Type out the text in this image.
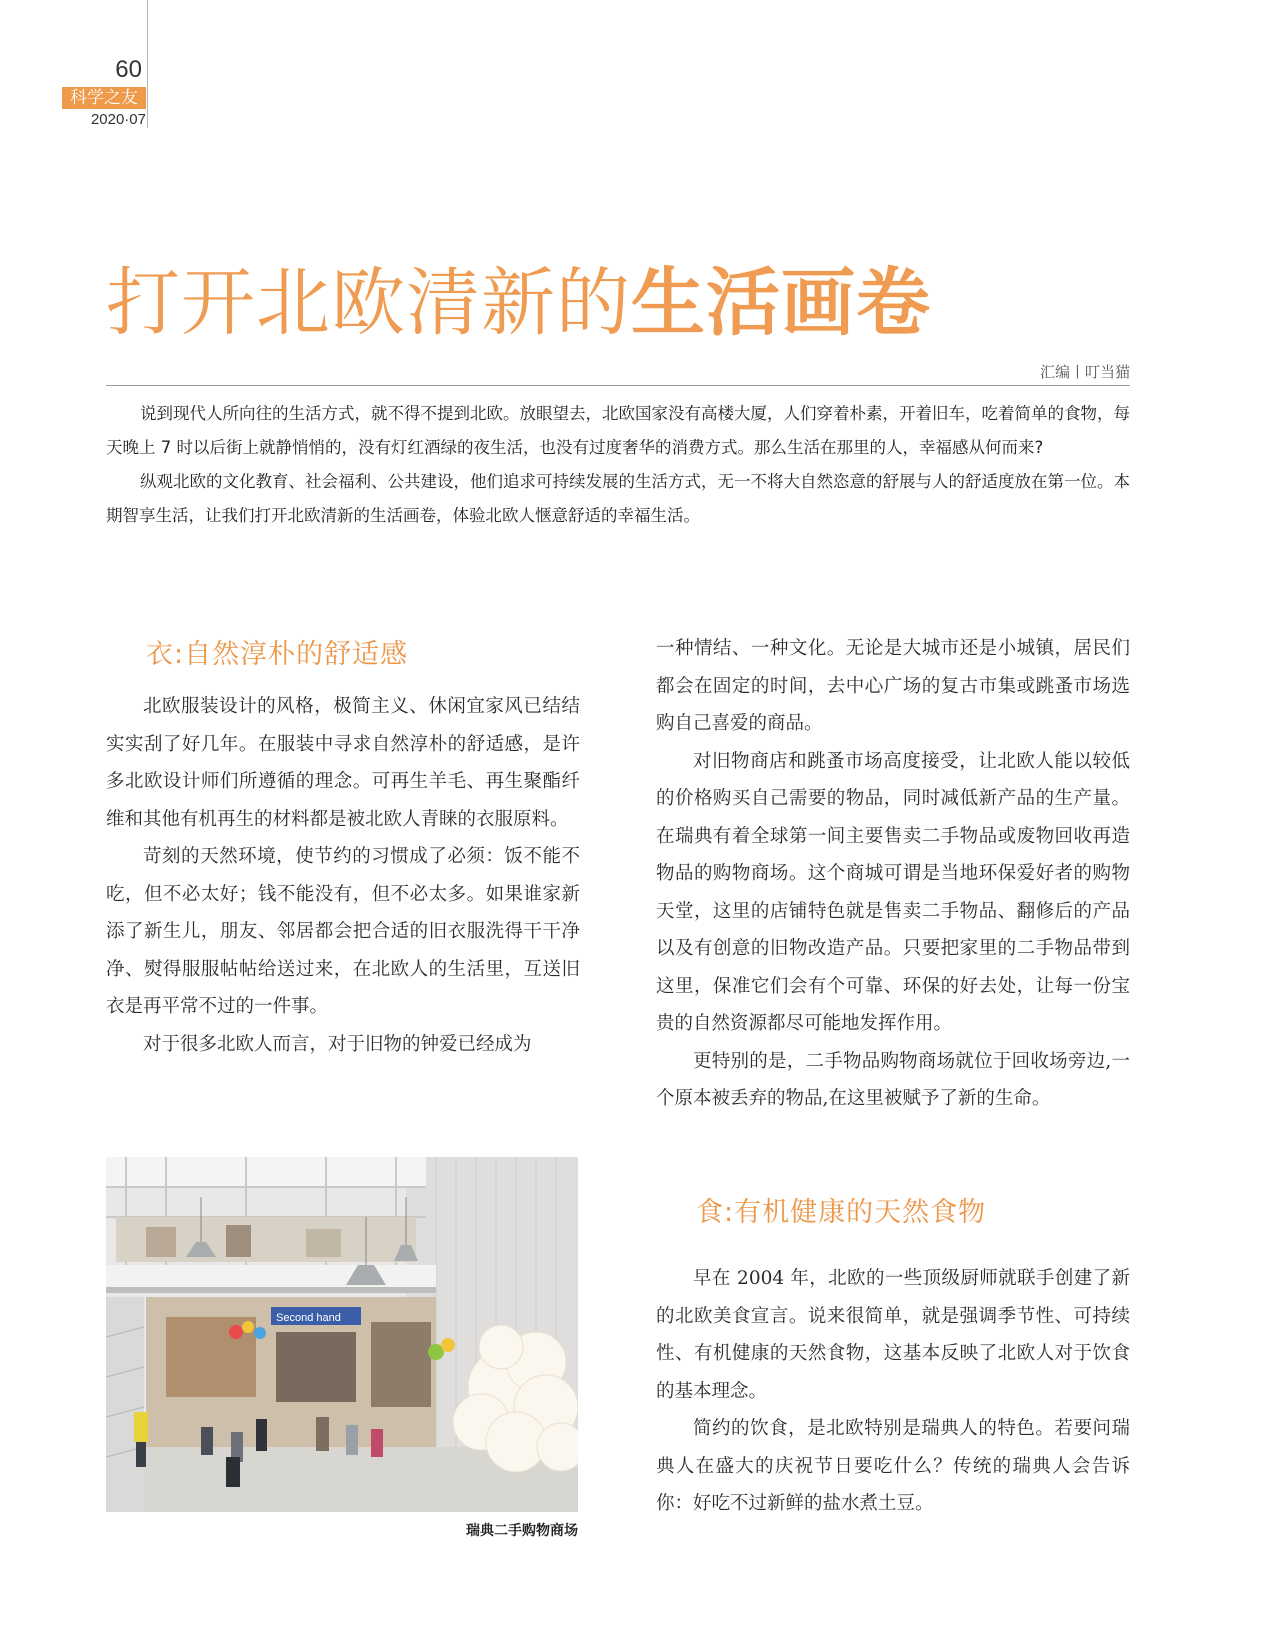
60
科学之友
2020·07
打开北欧清新的生活画卷
汇编丨叮当猫

说到现代人所向往的生活方式，就不得不提到北欧。放眼望去，北欧国家没有高楼大厦，人们穿着朴素，开着旧车，吃着简单的食物，每天晚上 7 时以后街上就静悄悄的，没有灯红酒绿的夜生活，也没有过度奢华的消费方式。那么生活在那里的人，幸福感从何而来?

纵观北欧的文化教育、社会福利、公共建设，他们追求可持续发展的生活方式，无一不将大自然恣意的舒展与人的舒适度放在第一位。本期智享生活，让我们打开北欧清新的生活画卷，体验北欧人惬意舒适的幸福生活。

衣:自然淳朴的舒适感

北欧服装设计的风格，极简主义、休闲宜家风已结结实实刮了好几年。在服装中寻求自然淳朴的舒适感，是许多北欧设计师们所遵循的理念。可再生羊毛、再生聚酯纤维和其他有机再生的材料都是被北欧人青睐的衣服原料。

苛刻的天然环境，使节约的习惯成了必须：饭不能不吃，但不必太好；钱不能没有，但不必太多。如果谁家新添了新生儿，朋友、邻居都会把合适的旧衣服洗得干干净净、熨得服服帖帖给送过来，在北欧人的生活里，互送旧衣是再平常不过的一件事。

对于很多北欧人而言，对于旧物的钟爱已经成为

一种情结、一种文化。无论是大城市还是小城镇，居民们都会在固定的时间，去中心广场的复古市集或跳蚤市场选购自己喜爱的商品。

对旧物商店和跳蚤市场高度接受，让北欧人能以较低的价格购买自己需要的物品，同时减低新产品的生产量。在瑞典有着全球第一间主要售卖二手物品或废物回收再造物品的购物商场。这个商城可谓是当地环保爱好者的购物天堂，这里的店铺特色就是售卖二手物品、翻修后的产品以及有创意的旧物改造产品。只要把家里的二手物品带到这里，保准它们会有个可靠、环保的好去处，让每一份宝贵的自然资源都尽可能地发挥作用。

更特别的是，二手物品购物商场就位于回收场旁边,一个原本被丢弃的物品,在这里被赋予了新的生命。

食:有机健康的天然食物

早在 2004 年，北欧的一些顶级厨师就联手创建了新的北欧美食宣言。说来很简单，就是强调季节性、可持续性、有机健康的天然食物，这基本反映了北欧人对于饮食的基本理念。

简约的饮食，是北欧特别是瑞典人的特色。若要问瑞典人在盛大的庆祝节日要吃什么？传统的瑞典人会告诉你：好吃不过新鲜的盐水煮土豆。

Second hand
瑞典二手购物商场
